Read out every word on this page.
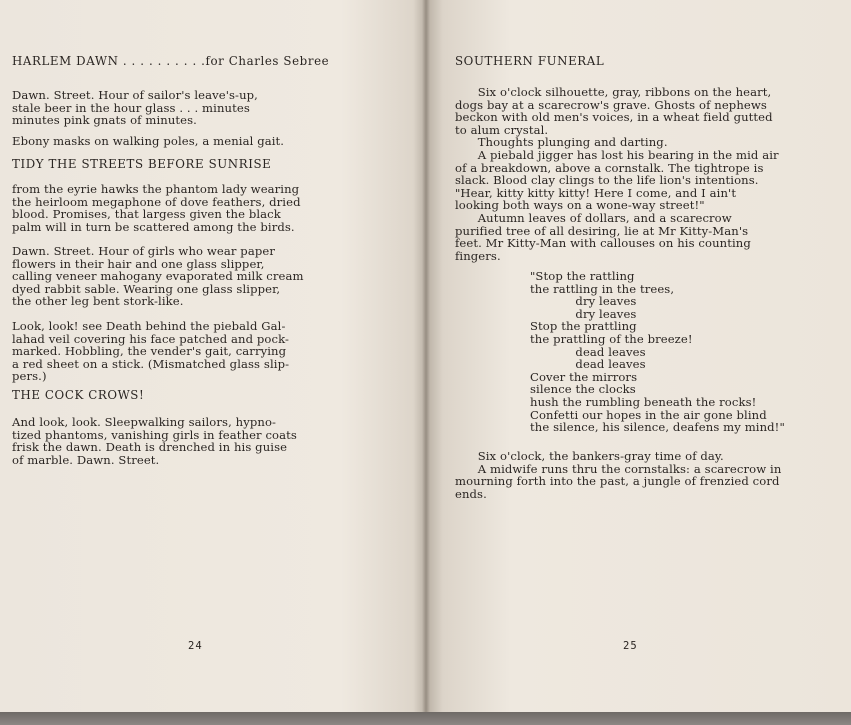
HARLEM DAWN . . . . . . . . . .for Charles Sebree
Dawn. Street. Hour of sailor's leave's-up,
stale beer in the hour glass . . . minutes
minutes pink gnats of minutes.
Ebony masks on walking poles, a menial gait.
TIDY THE STREETS BEFORE SUNRISE
from the eyrie hawks the phantom lady wearing
the heirloom megaphone of dove feathers, dried
blood. Promises, that largess given the black
palm will in turn be scattered among the birds.
Dawn. Street. Hour of girls who wear paper
flowers in their hair and one glass slipper,
calling veneer mahogany evaporated milk cream
dyed rabbit sable. Wearing one glass slipper,
the other leg bent stork-like.
Look, look! see Death behind the piebald Gal-
lahad veil covering his face patched and pock-
marked. Hobbling, the vender's gait, carrying
a red sheet on a stick. (Mismatched glass slip-
pers.)
THE COCK CROWS!
And look, look. Sleepwalking sailors, hypno-
tized phantoms, vanishing girls in feather coats
frisk the dawn. Death is drenched in his guise
of marble. Dawn. Street.
24
SOUTHERN FUNERAL
Six o'clock silhouette, gray, ribbons on the heart,
dogs bay at a scarecrow's grave. Ghosts of nephews
beckon with old men's voices, in a wheat field gutted
to alum crystal.
Thoughts plunging and darting.
A piebald jigger has lost his bearing in the mid air
of a breakdown, above a cornstalk. The tightrope is
slack. Blood clay clings to the life lion's intentions.
"Hear, kitty kitty kitty! Here I come, and I ain't
looking both ways on a wone-way street!"
Autumn leaves of dollars, and a scarecrow
purified tree of all desiring, lie at Mr Kitty-Man's
feet. Mr Kitty-Man with callouses on his counting
fingers.
"Stop the rattling
the rattling in the trees,
dry leaves
dry leaves
Stop the prattling
the prattling of the breeze!
dead leaves
dead leaves
Cover the mirrors
silence the clocks
hush the rumbling beneath the rocks!
Confetti our hopes in the air gone blind
the silence, his silence, deafens my mind!"
Six o'clock, the bankers-gray time of day.
A midwife runs thru the cornstalks: a scarecrow in
mourning forth into the past, a jungle of frenzied cord
ends.
25
